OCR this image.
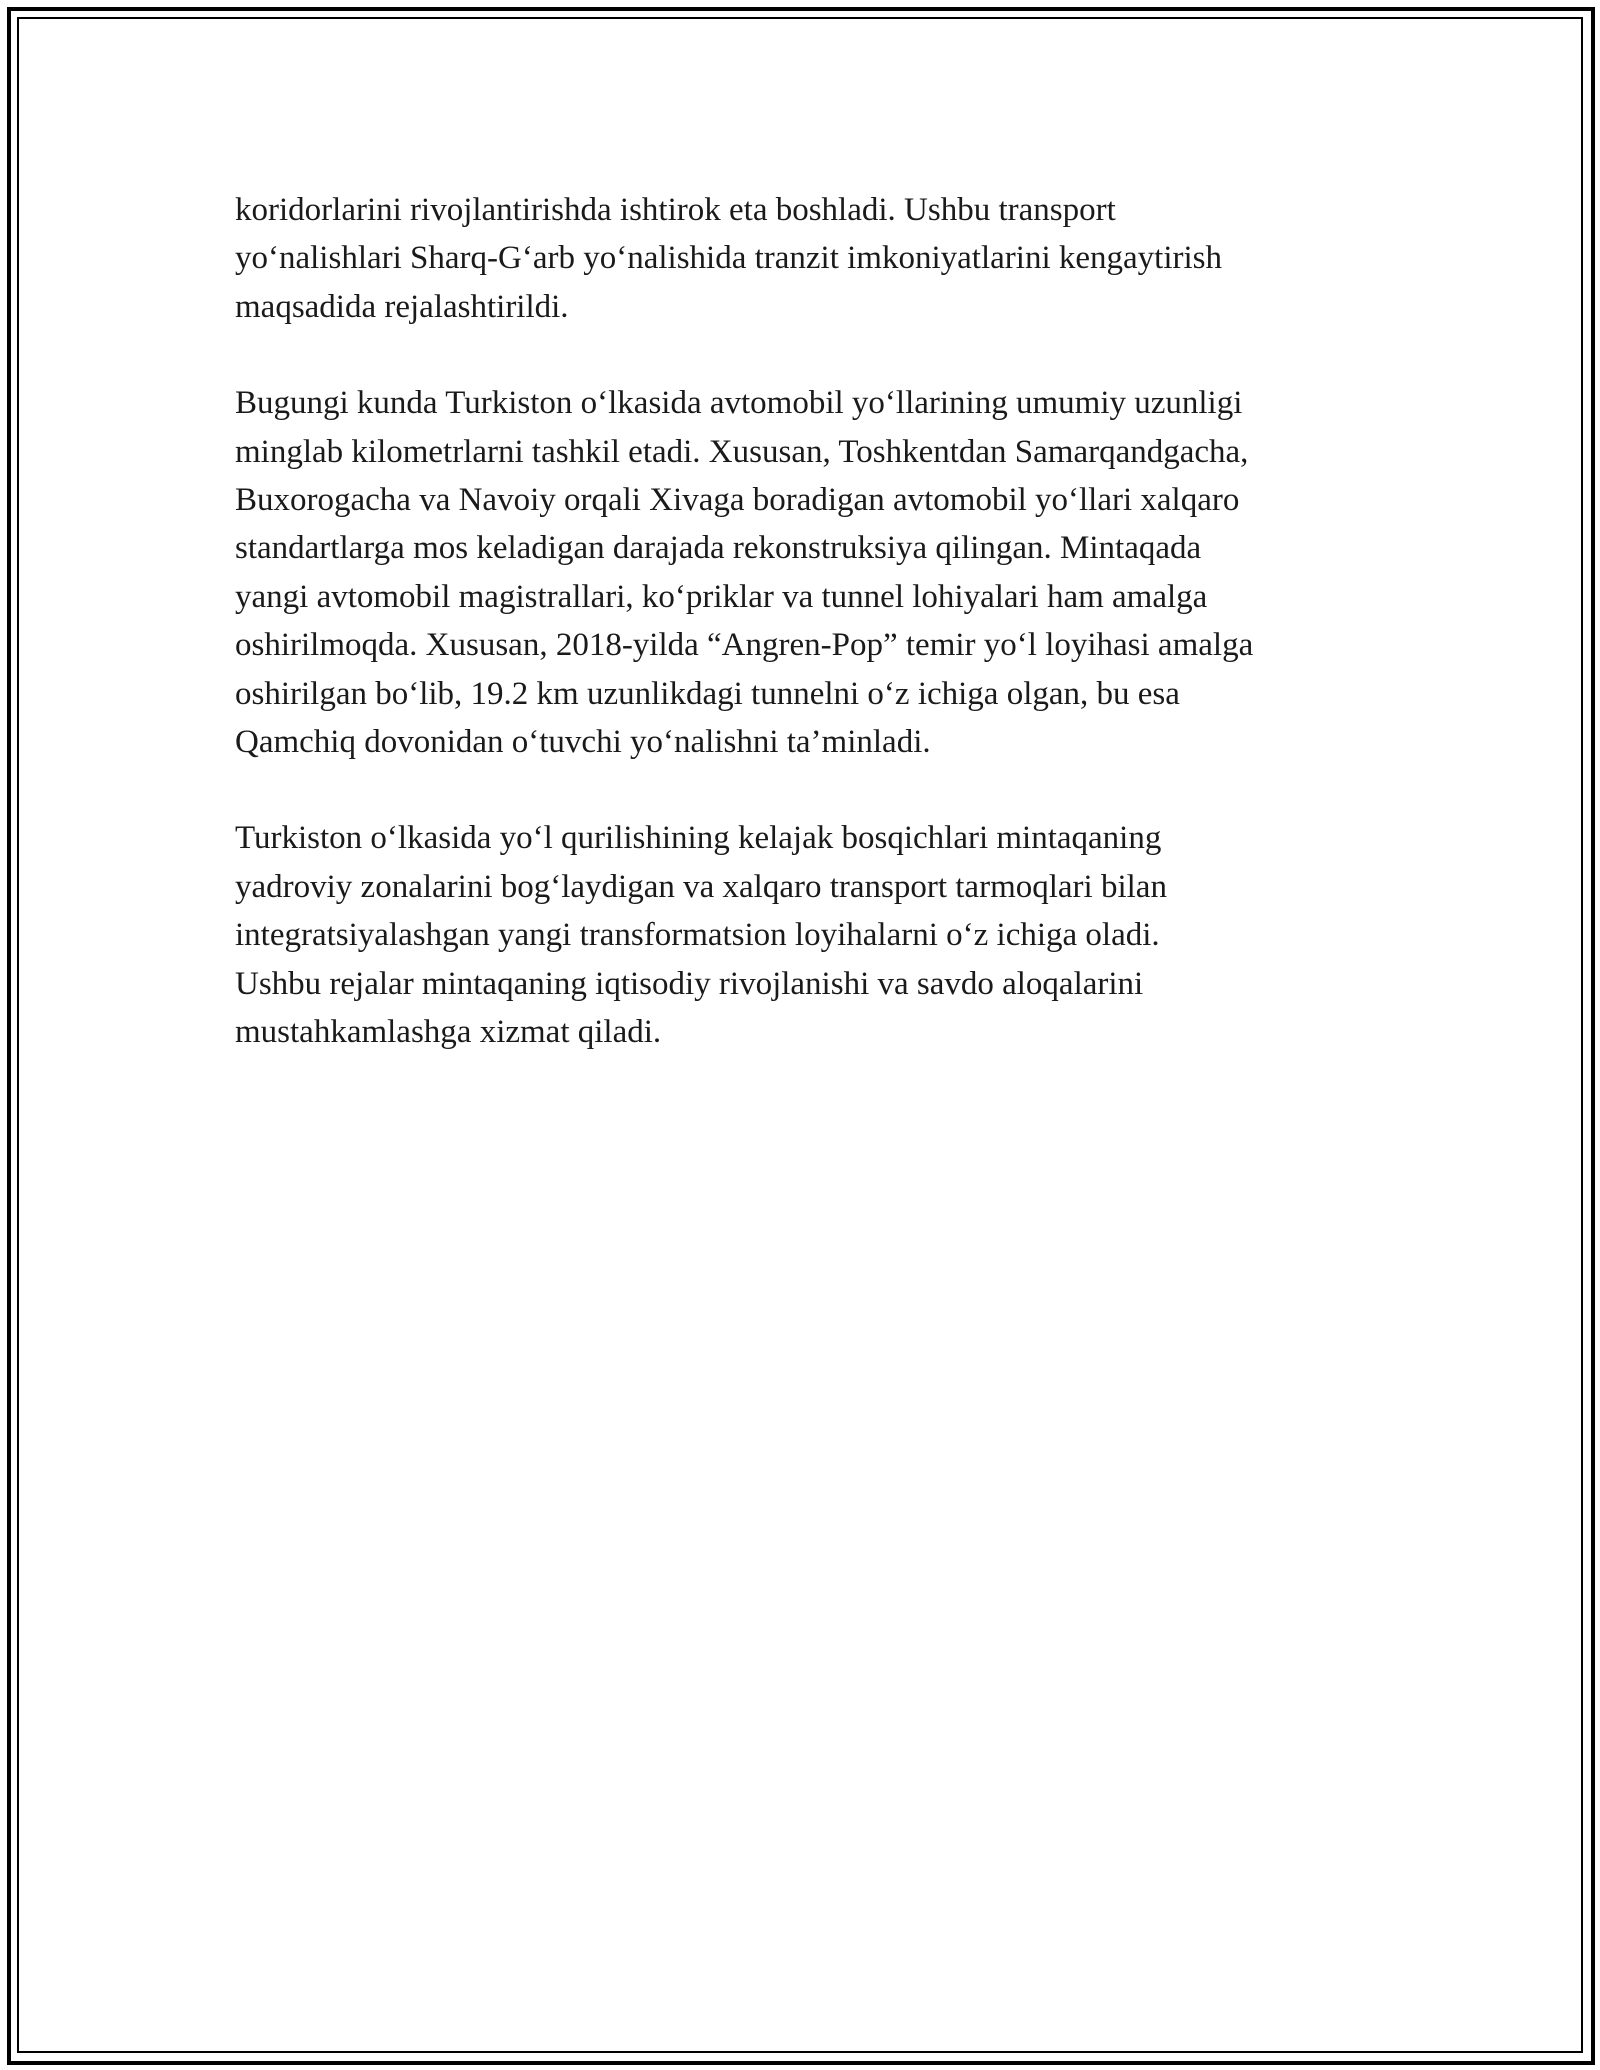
koridorlarini rivojlantirishda ishtirok eta boshladi. Ushbu transport
yo‘nalishlari Sharq-G‘arb yo‘nalishida tranzit imkoniyatlarini kengaytirish
maqsadida rejalashtirildi.

Bugungi kunda Turkiston o‘lkasida avtomobil yo‘llarining umumiy uzunligi
minglab kilometrlarni tashkil etadi. Xususan, Toshkentdan Samarqandgacha,
Buxorogacha va Navoiy orqali Xivaga boradigan avtomobil yo‘llari xalqaro
standartlarga mos keladigan darajada rekonstruksiya qilingan. Mintaqada
yangi avtomobil magistrallari, ko‘priklar va tunnel lohiyalari ham amalga
oshirilmoqda. Xususan, 2018-yilda “Angren-Pop” temir yo‘l loyihasi amalga
oshirilgan bo‘lib, 19.2 km uzunlikdagi tunnelni o‘z ichiga olgan, bu esa
Qamchiq dovonidan o‘tuvchi yo‘nalishni ta’minladi.

Turkiston o‘lkasida yo‘l qurilishining kelajak bosqichlari mintaqaning
yadroviy zonalarini bog‘laydigan va xalqaro transport tarmoqlari bilan
integratsiyalashgan yangi transformatsion loyihalarni o‘z ichiga oladi.
Ushbu rejalar mintaqaning iqtisodiy rivojlanishi va savdo aloqalarini
mustahkamlashga xizmat qiladi.
